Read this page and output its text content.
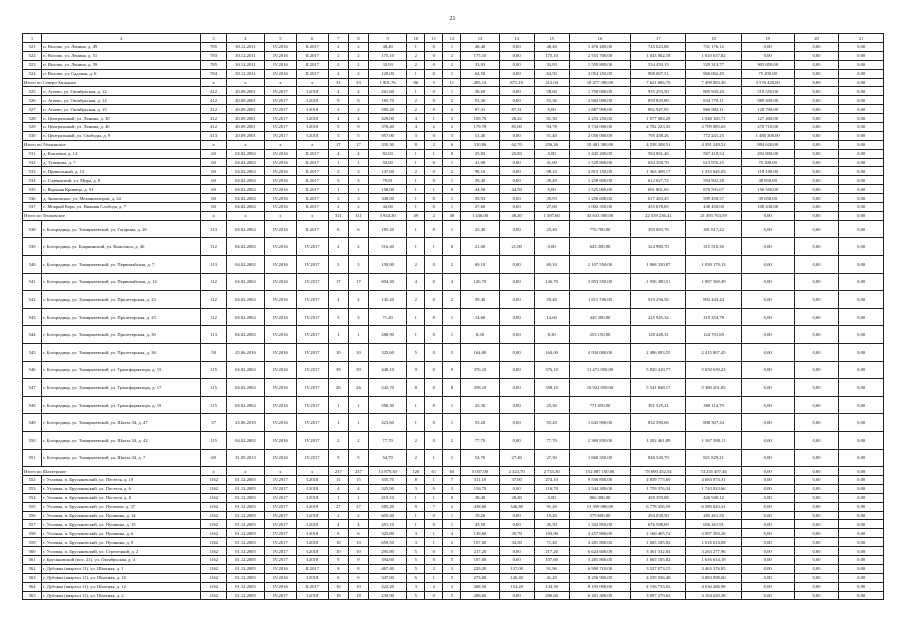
21
1	2	3	4	5	6	7	8	9	10	11	12	13	14	15	16	17	18	19	20	21
521	п. Волово, ул. Ленина, д. 49	785	30.12.2011	IV.2016	II.2017	2	2	48,40	1	0	1	48,40	0,00	48,40	1 476 200,00	745 023,88	731 176,12	0,00	0,00	0,00
522	п. Волово, ул. Ленина, д. 51	783	30.12.2011	IV.2016	II.2017	2	2	175,10	2	0	2	175,10	0,00	175,10	2 553 700,00	1 043 062,18	1 010 637,82	0,00	0,00	0,00
523	п. Волово, ул. Ленина, д. 59	785	30.12.2011	IV.2016	II.2017	2	2	33,93	2	0	2	33,93	0,00	33,93	1 559 800,00	534 450,13	529 313,77	905 850,00	0,00	0,00
524	п. Волово, ул. Садовая, д. 6	784	30.12.2011	IV.2016	II.2017	2	2	120,00	1	0	1	64,50	0,00	64,50	3 054 250,00	998 007,51	966 062,49	75 200,00	0,00	0,00
Итого по Северо-Западное		x	x	x	x	33	33	1 901,76	86	5	11	495,14	871,10	312,04	18 477 390,00	7 621 606,70	7 499 883,30	3 576 420,00	8,89	0,00
525	п. Агеево, ул. Октябрьская, д. 12	412	20.09.2001	IV.2017	I.2018	4	4	261,60	1	0	1	58,60	0,00	58,60	1 750 000,00	935 253,50	885 945,20	518 550,00	0,00	0,00
526	п. Агеево, ул. Октябрьская, д. 14	412	20.09.2001	IV.2017	I.2018	9	9	185,70	2	0	2	55,36	0,00	55,36	2 684 000,00	859 829,89	834 770,11	989 400,00	0,00	0,00
527	п. Агеево, ул. Октябрьская, д. 15	412	20.09.2001	IV.2017	I.2018	2	2	585,20	2	0	2	87,31	87,31	0,00	1 887 990,00	892 947,95	866 902,11	128 700,00	0,00	0,00
528	п. Центральный, ул. Ленина, д. 30	412	20.09.2001	IV.2017	I.2018	4	4	429,00	4	1	3	109,76	28,42	81,30	2 253 250,00	1 077 684,29	1 048 165,71	127 400,00	0,00	0,00
529	п. Центральный, ул. Ленина, д. 40	412	20.09.2001	IV.2017	I.2018	9	9	378,40	4	2	2	179,78	85,00	94,78	5 734 000,00	2 782 223,35	2 709 085,65	270 710,00	0,00	0,00
530	п. Центральный, ул. Свободы, д. 9	413	20.09.2001	IV.2017	I.2018	5	5	957,00	3	0	3	51,40	0,00	51,40	2 050 000,00	795 458,26	772 241,25	1 480 300,00	0,00	0,00
Итого по Тёплинское		x	x	x	x	17	17	335,30	8	2	6	310,86	62,70	256,26	10 481 300,00	4 538 208,51	4 391 249,52	884 620,00	0,00	0,00
531	д. Коптевка, д. 14	60	04.02.2002	IV.2016	II.2017	4	4	82,03	1	1	0	25,83	25,83	0,00	1 445 200,00	584 961,46	567 418,54	292 800,00	0,00	0,00
532	д. Тупиково, д. 7	60	04.02.2002	IV.2016	II.2017	1	1	50,00	1	0	1	41,00	0,00	41,00	1 529 800,00	634 358,70	613 976,25	75 300,00	0,00	0,00
533	п. Привольный, д. 13	60	04.02.2002	IV.2016	II.2017	3	3	147,60	2	0	2	98,10	0,00	98,10	2 815 150,00	1 363 408,17	1 333 645,03	118 100,00	0,00	0,00
534	п. Славянский, ул. Мира, д. 8	60	04.02.2002	IV.2016	II.2017	3	3	79,81	1	0	1	39,40	0,00	39,40	1 258 600,00	612 027,72	594 902,28	48 850,00	0,00	0,00
535	с. Верхняя Кривица, д. 53	60	04.02.2002	IV.2016	II.2017	1	1	158,00	1	1	0	44,50	44,50	0,00	1 525 000,00	691 801,65	676 591,07	156 550,00	0,00	0,00
536	д. Знаменское, ул. Механизаторов, д. 34	60	04.02.2002	IV.2016	II.2017	3	3	340,00	1	0	1	39,93	0,00	39,93	1 256 600,00	617 483,45	599 458,57	39 658,00	0,00	0,00
537	с. Мокрый Корь, ул. Нижняя Слобода, д. 7	60	04.02.2002	IV.2016	II.2017	2	2	44,00	1	0	1	27,60	0,00	27,60	1 002 350,00	455 678,85	438 450,00	108 430,00	0,00	0,00
Итого по Тепловское		x	x	x	x	311	311	3 944,30	49	2	38	1 436,00	48,40	1 387,60	43 633 300,00	22 539 236,41	21 493 763,59	0,00	0,00	0,00
538	г. Богородицк, ул. Тимирязевской, ул. Гагарина, д. 26	113	04.02.2002	IV.2016	II.2017	6	6	185,20	1	0	1	25,40	0,00	25,40	776 700,00	395 083,78	381 617,22	0,00	0,00	0,00
539	г. Богородицк, ул. Бояркинский, ул. Комсомол, д. 46	112	04.02.2002	IV.2016	IV.2017	2	2	516,40	1	1	0	21,00	21,00	0,00	643 300,00	324 980,70	315 510,30	0,00	0,00	0,00
540	г. Богородицк, ул. Тимирязевской, ул. Первомайская, д. 7	113	04.02.2002	IV.2016	IV.2017	3	3	159,80	2	0	2	69,10	0,00	69,10	2 107 550,00	1 068 330,87	1 039 179,13	0,00	0,00	0,00
541	г. Богородицк, ул. Тимирязевской, ул. Первомайская, д. 14	112	04.02.2002	IV.2016	IV.2017	17	17	604,30	4	0	4	126,70	0,00	126,70	3 853 550,00	1 956 380,51	1 897 569,49	0,00	0,00	0,00
542	г. Богородицк, ул. Тимирязевской, ул. Пролетарская, д. 23	112	04.02.2002	IV.2016	IV.2017	4	4	145,20	2	0	2	59,40	0,00	59,40	1 811 700,00	919 256,56	892 443,44	0,00	0,00	0,00
543	г. Богородицк, ул. Тимирязевской, ул. Пролетарская, д. 25	112	04.02.2002	IV.2016	IV.2017	3	3	71,40	1	0	1	14,60	0,00	14,60	445 300,00	225 945,32	219 354,78	0,00	0,00	0,00
544	г. Богородицк, ул. Тимирязевской, ул. Пролетарская, д. 30	113	04.02.2002	IV.2016	IV.2017	1	1	288,90	1	0	1	8,30	0,00	8,30	253 150,00	128 448,31	124 701,69	0,00	0,00	0,00
545	г. Богородицк, ул. Тимирязевской, ул. Пролетарская, д. 36	58	25.06.2016	IV.2016	IV.2017	10	10	325,60	5	0	5	164,00	0,00	164,00	4 934 000,00	2 486 093,55	2 415 807,45	0,00	0,00	0,00
546	г. Богородицк, ул. Тимирязевской, ул. Трансформатора, д. 15	115	04.02.2002	IV.2016	IV.2017	39	39	448,10	9	0	9	376,10	0,00	376,10	11 471 050,00	5 820 410,77	5 650 639,23	0,00	0,00	0,00
547	г. Богородицк, ул. Тимирязевской, ул. Трансформатора, д. 17	115	04.02.2002	IV.2016	IV.2017	26	26	542,70	8	0	8	358,10	0,00	358,10	10 922 050,00	5 541 848,17	5 380 201,83	0,00	0,00	0,00
548	г. Богородицк, ул. Тимирязевской, ул. Трансформатора, д. 19	115	04.02.2002	IV.2016	IV.2017	1	1	580,30	1	0	1	25,30	0,00	25,30	771 650,00	391 525,21	380 114,79	0,00	0,00	0,00
549	г. Богородицк, ул. Тимирязевской, ул. Шахта 34, д. 47	37	23.06.2010	IV.2016	IV.2017	1	1	423,60	1	0	1	55,20	0,00	55,20	1 643 900,00	832 590,66	808 307,34	0,00	0,00	0,00
550	г. Богородицк, ул. Тимирязевской, ул. Шахта 34, д. 42	115	04.02.2002	IV.2016	IV.2017	2	2	77,70	2	0	2	77,70	0,00	77,70	2 369 850,00	1 202 461,89	1 167 388,11	0,00	0,00	0,00
551	г. Богородицк, ул. Тимирязевской, ул. Шахта 34, д. 7	60	31.05.2013	IV.2016	IV.2017	5	5	54,70	2	1	1	54,70	27,40	27,30	1 668 350,00	846 520,79	821 829,21	0,00	0,00	0,00
Итого по Шахтерское		x	x	x	x	237	237	13 879,30	126	61	65	5 057,00	2 323,70	2 733,30	152 087 100,00	78 690 452,54	74 235 497,46	0,00	0,00	0,00
552	г. Узловая, п. Брусяновский, ул. Пестеля, д. 10	1162	01.12.2005	IV.2017	I.2018	15	15	335,70	8	1	7	311,10	37,00	274,10	9 536 850,00	4 839 775,69	4 683 074,31	0,00	0,00	0,00
553	г. Узловая, п. Брусяновский, ул. Пестеля, д. 6	1162	01.12.2005	IV.2017	I.2018	4	4	325,90	3	0	3	116,70	0,00	116,70	3 544 300,00	1 759 376,34	1 743 823,66	0,00	0,00	0,00
554	г. Узловая, п. Брусяновский, ул. Пестеля, д. 8	1162	01.12.2005	IV.2017	I.2018	1	1	419,10	1	1	0	28,40	28,40	0,00	866 300,00	439 359,88	426 940,12	0,00	0,00	0,00
555	г. Узловая, п. Брусяновский, ул. Пугачева, д. 37	1162	01.12.2005	IV.2017	I.2018	27	27	585,20	9	7	2	438,00	346,80	91,20	13 359 000,00	6 778 356,59	6 580 643,41	0,00	0,00	0,00
556	г. Узловая, п. Брусяновский, ул. Пушкина, д. 14	1162	01.12.2005	IV.2017	I.2018	2	2	605,40	1	0	1	19,20	0,00	19,20	579 600,00	294 038,50	285 461,50	0,00	0,00	0,00
557	г. Узловая, п. Брусяновский, ул. Пушкина, д. 15	1162	01.12.2005	IV.2017	I.2018	4	4	451,10	1	0	1	45,50	0,00	45,50	1 332 850,00	676 588,09	656 261,91	0,00	0,00	0,00
558	г. Узловая, п. Брусяновский, ул. Пушкина, д. 6	1162	01.12.2005	IV.2017	I.2018	6	6	325,80	3	1	4	139,60	35,70	103,90	4 257 800,00	2 160 405,72	2 097 393,28	0,00	0,00	0,00
559	г. Узловая, п. Брусяновский, ул. Пушкина, д. 9	1162	01.12.2005	IV.2017	I.2018	10	10	659,50	3	1	2	107,60	34,50	71,40	3 281 800,00	1 665 185,82	1 616 614,08	0,00	0,00	0,00
560	г. Узловая, п. Брусяновский, ул. Стрелецкий, д. 2	1162	01.12.2005	IV.2017	I.2018	10	10	295,80	5	0	5	217,20	0,00	217,20	6 624 600,00	3 361 332,04	3 263 277,96	0,00	0,00	0,00
561	г. Брусяновский (пос. 21), ул. Октябрьская, д. 4	1162	01.12.2005	IV.2017	I.2018	9	9	394,60	5	0	5	107,60	0,00	107,60	3 281 800,00	1 665 185,82	1 616 614,18	0,00	0,00	0,00
562	г. Дубовка (квартал 11), ул. Шахтная, д. 1	1162	01.12.2005	IV.2016	II.2017	8	8	467,40	5	2	3	229,20	137,00	91,96	6 990 710,00	3 527 073,15	3 463 376,85	0,00	0,00	0,00
563	г. Дубовка (квартал 11), ул. Шахтная, д. 10	1162	01.12.2005	IV.2016	I.2018	6	6	347,00	6	1	5	273,00	126,40	41,20	8 256 900,00	4 239 556,40	4 083 898,60	0,00	0,00	0,00
564	г. Дубовка (квартал 11), ул. Шахтная, д. 12	1162	01.12.2005	IV.2016	II.2017	10	10	422,20	3	2	3	268,50	154,20	134,30	8 193 000,00	4 156 733,02	4 036 266,98	0,00	0,00	0,00
565	г. Дубовка (квартал 11), ул. Шахтная, д. 2	1162	01.12.2005	IV.2017	I.2018	18	18	239,90	5	0	5	206,60	0,00	206,60	6 201 300,00	3 097 279,62	3 104 020,38	0,00	0,00	0,00
